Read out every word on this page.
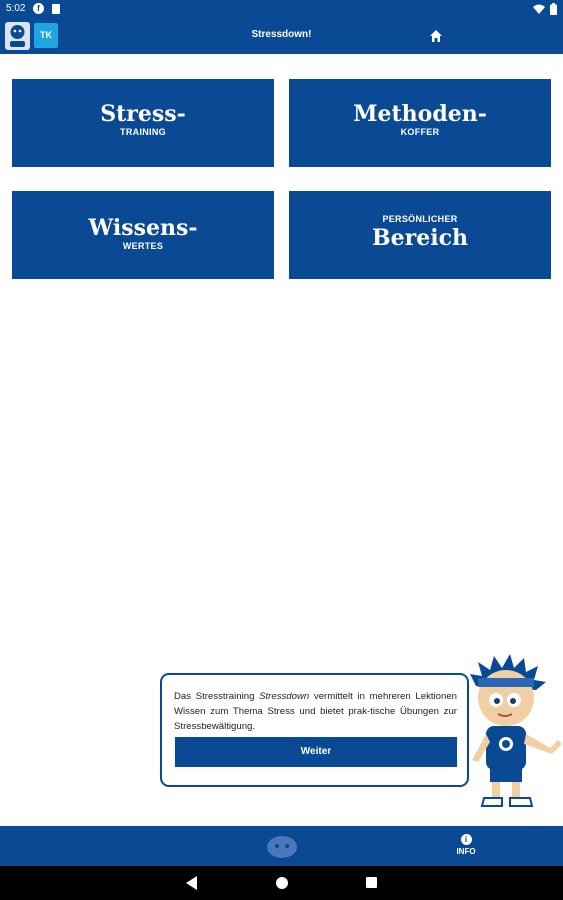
5:02	f
TK	Stressdown!
Stress-
TRAINING
Methoden-
KOFFER
Wissens-
WERTES
PERSÖNLICHER
Bereich
Das Stresstraining Stressdown vermittelt in mehreren Lektionen Wissen zum Thema Stress und bietet prak-tische Übungen zur Stressbewältigung.
Weiter
i
INFO
